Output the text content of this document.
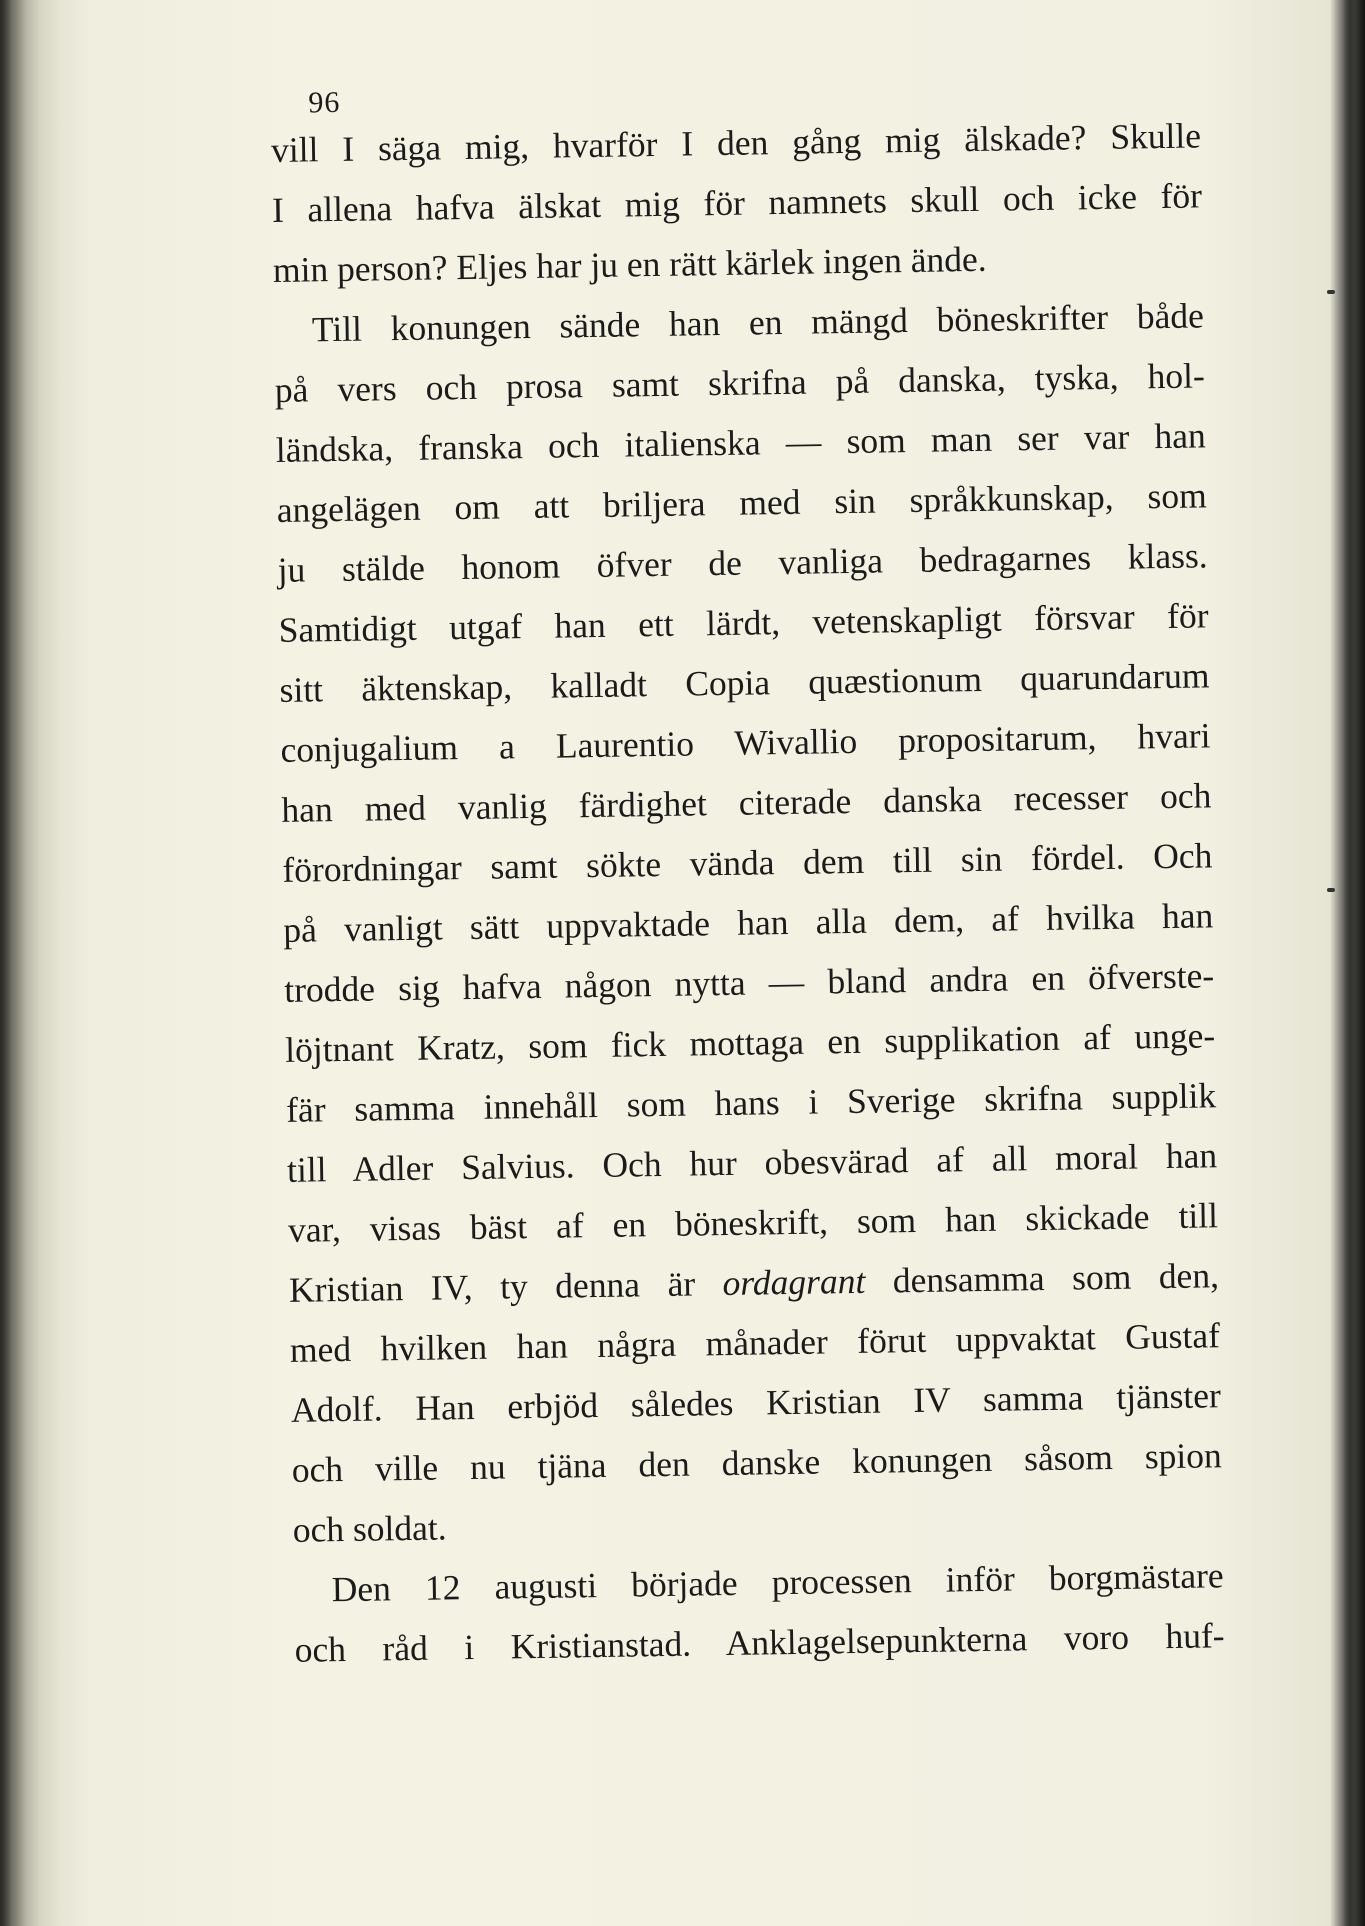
96
vill I säga mig, hvarför I den gång mig älskade? Skulle
I allena hafva älskat mig för namnets skull och icke för
min person? Eljes har ju en rätt kärlek ingen ände.
Till konungen sände han en mängd böneskrifter både
på vers och prosa samt skrifna på danska, tyska, hol-
ländska, franska och italienska — som man ser var han
angelägen om att briljera med sin språkkunskap, som
ju stälde honom öfver de vanliga bedragarnes klass.
Samtidigt utgaf han ett lärdt, vetenskapligt försvar för
sitt äktenskap, kalladt Copia quæstionum quarundarum
conjugalium a Laurentio Wivallio propositarum, hvari
han med vanlig färdighet citerade danska recesser och
förordningar samt sökte vända dem till sin fördel. Och
på vanligt sätt uppvaktade han alla dem, af hvilka han
trodde sig hafva någon nytta — bland andra en öfverste-
löjtnant Kratz, som fick mottaga en supplikation af unge-
fär samma innehåll som hans i Sverige skrifna supplik
till Adler Salvius. Och hur obesvärad af all moral han
var, visas bäst af en böneskrift, som han skickade till
Kristian IV, ty denna är ordagrant densamma som den,
med hvilken han några månader förut uppvaktat Gustaf
Adolf. Han erbjöd således Kristian IV samma tjänster
och ville nu tjäna den danske konungen såsom spion
och soldat.
Den 12 augusti började processen inför borgmästare
och råd i Kristianstad. Anklagelsepunkterna voro huf-
